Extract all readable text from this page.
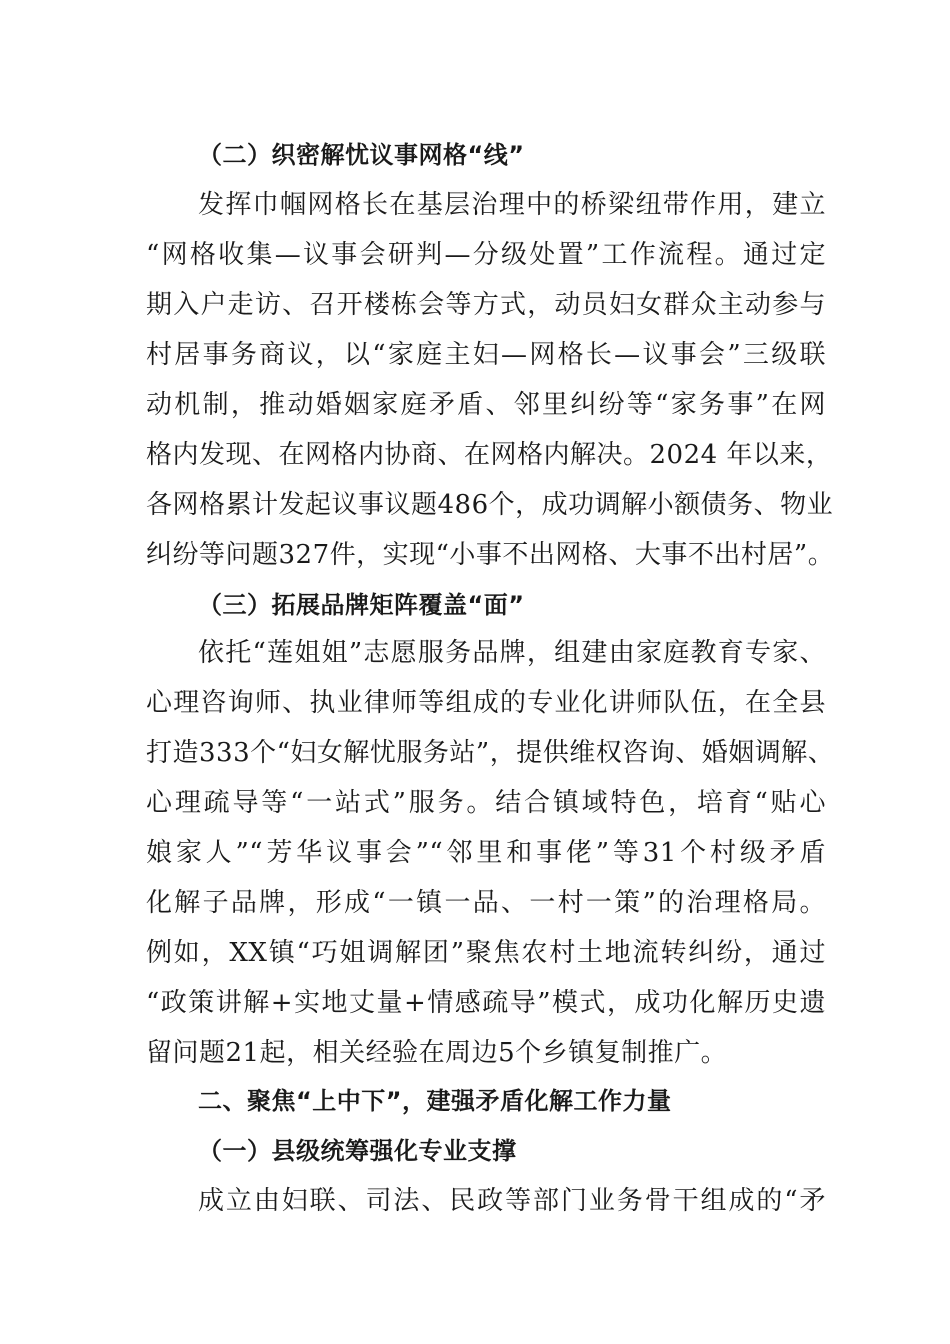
（二）织密解忧议事网格“线”
发挥巾帼网格长在基层治理中的桥梁纽带作用，建立
“网格收集—议事会研判—分级处置”工作流程。通过定
期入户走访、召开楼栋会等方式，动员妇女群众主动参与
村居事务商议，以“家庭主妇—网格长—议事会”三级联
动机制，推动婚姻家庭矛盾、邻里纠纷等“家务事”在网
格内发现、在网格内协商、在网格内解决。2024 年以来，
各网格累计发起议事议题486个，成功调解小额债务、物业
纠纷等问题327件，实现“小事不出网格、大事不出村居”。
（三）拓展品牌矩阵覆盖“面”
依托“莲姐姐”志愿服务品牌，组建由家庭教育专家、
心理咨询师、执业律师等组成的专业化讲师队伍，在全县
打造333个“妇女解忧服务站”，提供维权咨询、婚姻调解、
心理疏导等“一站式”服务。结合镇域特色，培育“贴心
娘家人”“芳华议事会”“邻里和事佬”等31个村级矛盾
化解子品牌，形成“一镇一品、一村一策”的治理格局。
例如，XX镇“巧姐调解团”聚焦农村土地流转纠纷，通过
“政策讲解+实地丈量+情感疏导”模式，成功化解历史遗
留问题21起，相关经验在周边5个乡镇复制推广。
二、聚焦“上中下”，建强矛盾化解工作力量
（一）县级统筹强化专业支撑
成立由妇联、司法、民政等部门业务骨干组成的“矛
